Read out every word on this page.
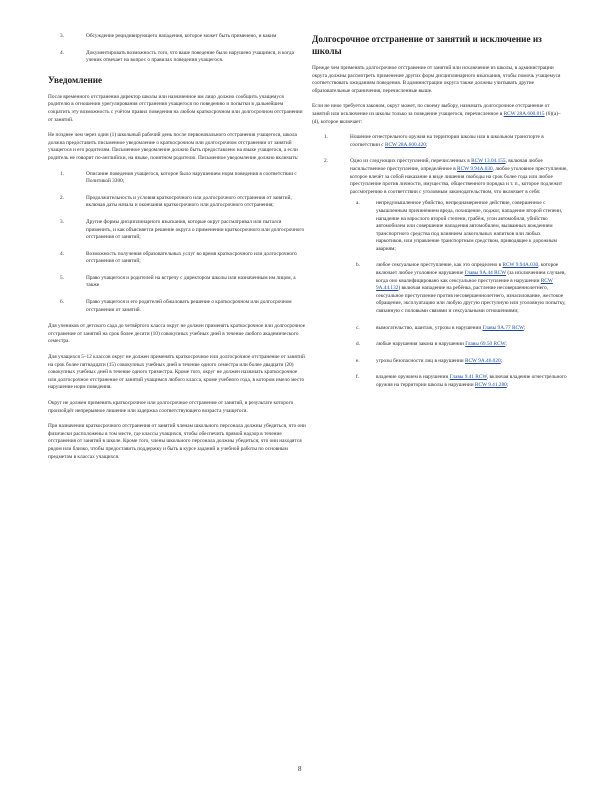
3.	Обсуждение рецидивирующего нападения, которое может быть применено, и каким
4.	Документировать возможность того, что ваше поведение было нарушено учащимся, и когда ученик отвечает на вопрос о правилах поведения учащегося.
Уведомление

После временного отстранения директор школы или назначенное им лицо должно сообщить учащемуся родителю в отношении урегулирования отстранения учащегося по поведению и попытки в дальнейшем сократить эту возможность с учётом правил поведения на любом краткосрочном или долгосрочном отстранении от занятий.

Не позднее чем через один (1) школьный рабочий день после первоначального отстранения учащегося, школа должна предоставить письменное уведомление о краткосрочном или долгосрочном отстранении от занятий учащегося и его родителям. Письменное уведомление должно быть предоставлено на языке учащегося, а если родитель не говорит по-английски, на языке, понятном родителю. Письменное уведомление должно включать:

1.	Описание поведения учащегося, которое было нарушением норм поведения в соответствии с Политикой 3300;
2.	Продолжительность и условия краткосрочного или долгосрочного отстранения от занятий, включая даты начала и окончания краткосрочного или долгосрочного отстранения;
3.	Другие формы дисциплинарного взыскания, которые округ рассматривал или пытался применить, и как объясняется решение округа о применении краткосрочного или долгосрочного отстранения от занятий;
4.	Возможность получения образовательных услуг во время краткосрочного или долгосрочного отстранения от занятий;
5.	Право учащегося и родителей на встречу с директором школы или назначенным им лицом, а также
6.	Право учащегося и его родителей обжаловать решение о краткосрочном или долгосрочном отстранении от занятий.

Для учеников от детского сада до четвёртого класса округ не должен применять краткосрочное или долгосрочное отстранение от занятий на срок более десяти (10) совокупных учебных дней в течение любого академического семестра.

Для учащихся 5–12 классов округ не должен применять краткосрочное или долгосрочное отстранение от занятий на срок более пятнадцати (15) совокупных учебных дней в течение одного семестра или более двадцати (20) совокупных учебных дней в течение одного триместра. Кроме того, округ не должен назначать краткосрочное или долгосрочное отстранение от занятий учащимся любого класса, кроме учебного года, в котором имело место нарушение норм поведения.

Округ не должен применять краткосрочное или долгосрочное отстранение от занятий, в результате которого произойдёт непрерывное лишение или задержка соответствующего возраста учащегося.

При назначении краткосрочного отстранения от занятий членам школьного персонала должны убедиться, что они физически расположены в том месте, где классы учащихся, чтобы обеспечить прямой надзор в течение отстранения от занятий в школе. Кроме того, члены школьного персонала должны убедиться, что они находятся рядом или близко, чтобы предоставить поддержку и быть в курсе заданий и учебной работы по основным предметам в классах учащихся.

Долгосрочное отстранение от занятий и исключение из школы

Прежде чем применять долгосрочное отстранение от занятий или исключение из школы, в администрации округа должны рассмотреть применение других форм дисциплинарного взыскания, чтобы помочь учащемуся соответствовать ожиданиям поведения. В администрации округа также должны учитывать другие образовательные ограничения, перечисленные выше.

Если не иное требуется законом, округ может, по своему выбору, назначать долгосрочное отстранение от занятий или исключение из школы только за поведение учащегося, перечисленное в RCW 28A.600.015 (6)(a)–(d), которое включает:

1.	Ношение огнестрельного оружия на территории школы или в школьном транспорте в соответствии с RCW 28A.600.420;
2.	Одно из следующих преступлений, перечисленных в RCW 13.04.155, включая любое насильственное преступление, определённое в RCW 9.94A.030, любое уголовное преступление, которое влечёт за собой наказание в виде лишения свободы на срок более года или любое преступление против личности, имущества, общественного порядка и т. п., которое подлежит рассмотрению в соответствии с уголовным законодательством, что включает в себя:
a.	непредумышленное убийство, непреднамеренное действие, совершенное с умышленным причинением вреда, похищение, поджог, нападение второй степени, нападение на взрослого второй степени, грабёж, угон автомобиля, убийство автомобилем или совершение нападения автомобилем, вызванных вождением транспортного средства под влиянием алкогольных напитков или любых наркотиков, или управление транспортным средством, приводящее к дорожным авариям;
b.	любое сексуальное преступление, как это определено в RCW 9.94A.030, которое включает любое уголовное нарушение Главы 9A.44 RCW (за исключением случаев, когда оно квалифицировано как сексуальное преступление в нарушении RCW 9A.44.132) включая нападение на ребёнка, растление несовершеннолетнего, сексуальное преступление против несовершеннолетнего, изнасилование, жестокое обращение, эксплуатацию или любую другую преступную или уголовную попытку, связанную с половыми связями и сексуальными отношениями;
c.	вымогательство, шантаж, угрозы в нарушении Главы 9A.77 RCW;
d.	любые нарушения закона в нарушении Главы 69.50 RCW;
e.	угрозы безопасности лиц в нарушении RCW 9A.46.020;
f.	владение оружием в нарушении Главы 9.41 RCW, включая владение огнестрельного оружия на территории школы в нарушении RCW 9.41.280;
8
